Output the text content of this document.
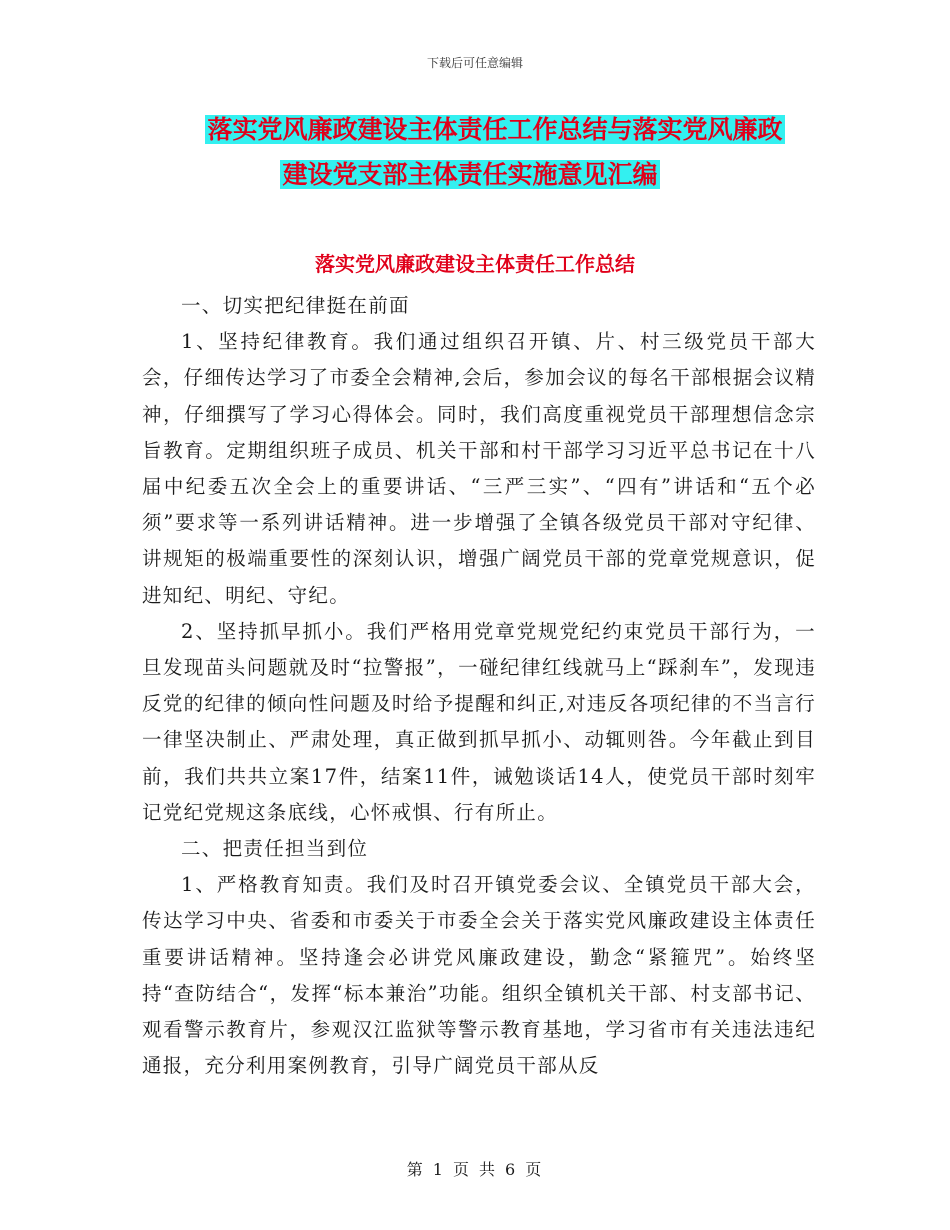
下载后可任意编辑
落实党风廉政建设主体责任工作总结与落实党风廉政
建设党支部主体责任实施意见汇编
落实党风廉政建设主体责任工作总结

一、切实把纪律挺在前面

1、坚持纪律教育。我们通过组织召开镇、片、村三级党员干部大会，仔细传达学习了市委全会精神,会后，参加会议的每名干部根据会议精神，仔细撰写了学习心得体会。同时，我们高度重视党员干部理想信念宗旨教育。定期组织班子成员、机关干部和村干部学习习近平总书记在十八届中纪委五次全会上的重要讲话、“三严三实”、“四有”讲话和“五个必须”要求等一系列讲话精神。进一步增强了全镇各级党员干部对守纪律、讲规矩的极端重要性的深刻认识，增强广阔党员干部的党章党规意识，促进知纪、明纪、守纪。

2、坚持抓早抓小。我们严格用党章党规党纪约束党员干部行为，一旦发现苗头问题就及时“拉警报”，一碰纪律红线就马上“踩刹车”，发现违反党的纪律的倾向性问题及时给予提醒和纠正,对违反各项纪律的不当言行一律坚决制止、严肃处理，真正做到抓早抓小、动辄则咎。今年截止到目前，我们共共立案17件，结案11件，诫勉谈话14人，使党员干部时刻牢记党纪党规这条底线，心怀戒惧、行有所止。

二、把责任担当到位

1、严格教育知责。我们及时召开镇党委会议、全镇党员干部大会，传达学习中央、省委和市委关于市委全会关于落实党风廉政建设主体责任重要讲话精神。坚持逢会必讲党风廉政建设，勤念“紧箍咒”。始终坚持“查防结合“，发挥“标本兼治”功能。组织全镇机关干部、村支部书记、观看警示教育片，参观汉江监狱等警示教育基地，学习省市有关违法违纪通报，充分利用案例教育，引导广阔党员干部从反

第 1 页 共 6 页
